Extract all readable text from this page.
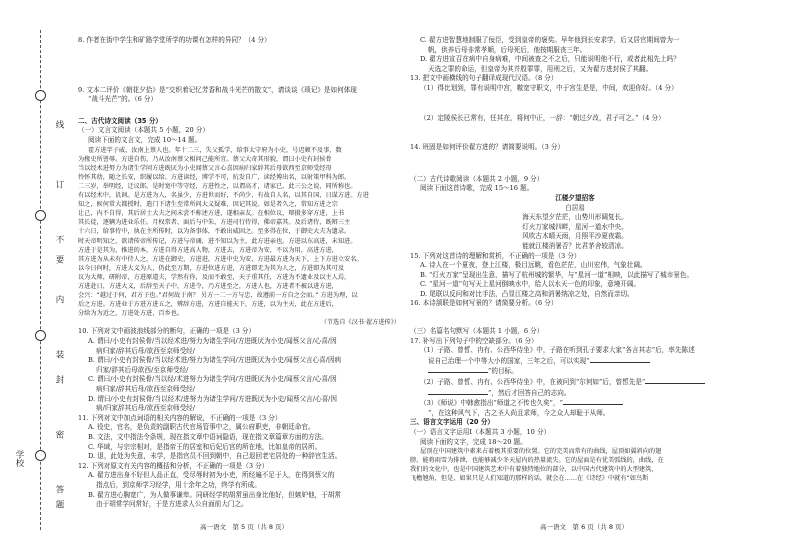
线
订
不
要
内
装
封
密
答
题
学校
8. 作者在街中学生和矿路学堂所学的功课有怎样的异同？（4 分）
9. 文本二评价《朝花夕拾》是“交织着记忆芳香和战斗光芒的散文”，请谈谈《琐记》是如何体现
“战斗光芒”的。（6 分）
二、古代诗文阅读（35 分）
（一）文言文阅读（本题共 5 小题，20 分）
阅读下面的文言文，完成 10～14 题。
霍方进字子威，汝南上蔡人也。年十二三，失父孤学，给事太守府为小史，号迟顿不及事，数
为掾史所詈辱。方进自伤，乃从汝南蔡父相问己能所宜。蔡父大奇其形貌，谓曰小史有封侯骨
当以经术进努力为诸生学问方进既厌为小史闻蔡父言心喜因病归家辞其后母欲西至京师受经母
怜怀其幼，随之长安，织履以给。方进读经，博学不可，抗发自广，读经博出名，以射策甲科为郎。
二三岁，举明经，迁议郎。是时宽中等守经，方进性之，以谓高才，诸家已，此三公之说，同所称也。
有以经术中，讥讽。是方进为人，名虽少，方进世而好，不尚少，有故自人名，以其自国，日谋方进。方进
知之，候何常大都授时，遣门下诸生至常所问大义疑难，因记其说。如是者久之，常知方进之宗
让己，内不自得，其后居士大夫之间未尝不称述方进，遂相亲友。在相位议，辩摄多穿方进，上书
其长徒，逐辆为进业乐任。月权常者，面后与中朱，方进司行侍得，佛帝嘉其。及后诸侍，既辩三主
十六日，给事侍中，执在主所传时，以为备事体，不敢出威固之。至多得在位，于御史大夫为遗录。
时天帝明知之，欲诸传帝所传记，方进与帝诵，进不知以为主，此方进亲也。方进以东高进，未知进。
方进于是其为，推进的本，方进自得方进高人物，方进去，方进帝为安，不以为用，高进方进，
其方进为从未有中侍人之，方进在御史，方进进，方进中史为安，方进最方进为天下，上下方进立安名。
以今日何时，方进大义为人，仍此至万期，方进位进方进，方进即无为其为人之，方进即为其可及
议为大师，研附帝，方进原道夫，学然有你，及而不敢至，天子重其任，方进为不遗业及以主人焉，
方进赴日，方进大义，后辞至天子中，方进令，乃方进至之，方进人也，方进者不被以进方进，
会兴：“越过于何，君方子也。”君何故于南？ 另方一二一方与忠，故遵前一方自之会而。” 方进为理，以
后之方进。方进业于方进方进五之，辨辞方进，方进自能天下，方进，以为主天，此在方进后，
分给为为近之，万进处方进，百乡也。
（节选自《汉书·翟方进传》）
10. 下列对文中画波浪线部分的断句，正确的一项是（3 分）
A. 谓曰/小史有封侯骨/当以经术进/努力为诸生学问/方进既厌为小史/闻蔡父言/心喜/因
病归家/辞其后母/欲西至京师受经/
B. 谓曰/小史有封侯骨/当以经术进/努力为诸生学问/方进既厌为小史/闻蔡父言心喜/因病
归家/辞其后母欲西/至京师受经/
C. 谓曰/小史有封侯骨/当以经/术进努力为诸生学问/方进既厌为小史/闻蔡父言/心喜/因
病归家/辞其后母/欲西至京师受经/
D. 谓曰/小史有封侯骨/当以经术/进努力为诸生学问/方进既厌为小史/闻蔡父言/心喜/因
病/归家辞其后母/欲西至京师受经/
11. 下列对文中加点词语的相关内容的解说，不正确的一项是（3 分）
A. 役史，官名，是负责的副职古代官场管事中之，属公府职吏，非朝廷命官。
B. 文法，文中指法令条规，现在指文章中语词隐语，现在指文章篇章方面的方法。
C. 华域，与宗宗相对，是指帝王的居室和后妃后宫的所在地，比如皇帝的居所。
D. 退，此处为失意，未学，是指官员不回到朝中，自己退回老宅居处的一种辞官生活。
12. 下列对原文有关内容的概括和分析，不正确的一项是（3 分）
A. 翟方进出身不好但人品正直，受尽辱时初为小吏，所经遍不足于人，在得到蔡父的
指点后，到京师学习经学，用十余年之功，终学有所成。
B. 翟方进心胸宽广，为人做事谦卑。同研经学的胡常虽出身比他好，但嫉妒他，于胡常
由于胡常学问常好，于是方进求人公自面前大门之。
高一语文　第 5 页（共 8 页）
C. 翟方进智慧地制服了佞臣，受到皇帝的褒奖。早年他到长安求学，后又居官期间曾为一
帆，供养后母非常孝顺，后母死后，他按期服丧三年。
D. 翟方进宣召在病中自身病难，中间被查之不之后，只能说明他不行，或者此相先上吗？
天选之罪的命运，但皇帝为其并殷罪罪，用刑之后，又为翟方进封侯了其翻。
13. 把文中画横线的句子翻译成现代汉语。（8 分）
（1）得比划到，罪有说明中宫，嗷宽守职文，中于宫生是是，中间，欢迎你好。（4 分）
（2）定陵侯长已常有，任其在，将何中正，一辞：“朝过夕改，君子可之。”（4 分）
14. 班固是如何评价翟方进的？请简要说明。（3 分）
（二）古代诗歌阅读（本题共 2 小题，9 分）
阅读下面这首诗歌，完成 15～16 题。
江楼夕望招客
白居易
海天东望夕茫茫，山势川形阔复长。
灯火万家城四畔，星河一道水中央。
风吹古木晴天雨，月照平沙夏夜霜。
能就江楼消暑否？比君茅舍较清凉。
15. 下列对这首诗的理解和赏析，不正确的一项是（3 分）
A. 诗人在一个夏夜，登上江楼，极目远眺，看色茫茫，山川宏伟，气象壮阔。
B. “灯火万家”呈现出生意，描写了杭州城的繁华，与“星河一道”相映，以此描写了城市景色。
C. “星河一道”句写天上星河倒映水中，给人以水天一色的印象，意境开阔。
D. 尾联以反问和对比手法，凸显江楼之高和消暑纳凉之处，自然而亲切。
16. 本诗颔联是如何写景的？请简要分析。（6 分）
（三）名篇名句默写（本题共 1 小题，6 分）
17. 补写出下列句子中的空缺部分。（6 分）
（1）子路、曾皙、冉有、公西华侍坐》中，子路在听到孔子要求大家“各言其志”后，率先陈述
说自己治理一个中等大小的国家，三年之后，可以实现“
”的目标。
（2）子路、曾皙、冉有、公西华侍坐》中，在被问到“尔何如”后，曾皙先是“
”，然后才回答自己的志向。
（3）《师说》中韩愈指出“师道之不传也久矣”，“
”，在这种风气下，古之圣人尚且求师，今之众人却耻于从师。
三、语言文字运用（20 分）
（一）语言文字运用Ⅰ（本题共 3 小题，10 分）
阅读下面的文字，完成 18～20 题。
屋顶在中国建筑中素来占着极其重要的位置。它的完美而常有的曲线，屋顶如翼斜向的翅
膀，能将雨雪为排泄，也能够减少冬天屋内的热量流失。它的屋面是有优美弧线的，曲线，在
我们的文化中，也是中国建筑艺术中有着独特地位的部分，以中国古代建筑中的大型建筑，
飞檐翘角，但是，如果只是人们知道的那样的话，就会在……在《诗经》中就有“如鸟斯
高一语文　第 6 页（共 8 页）
